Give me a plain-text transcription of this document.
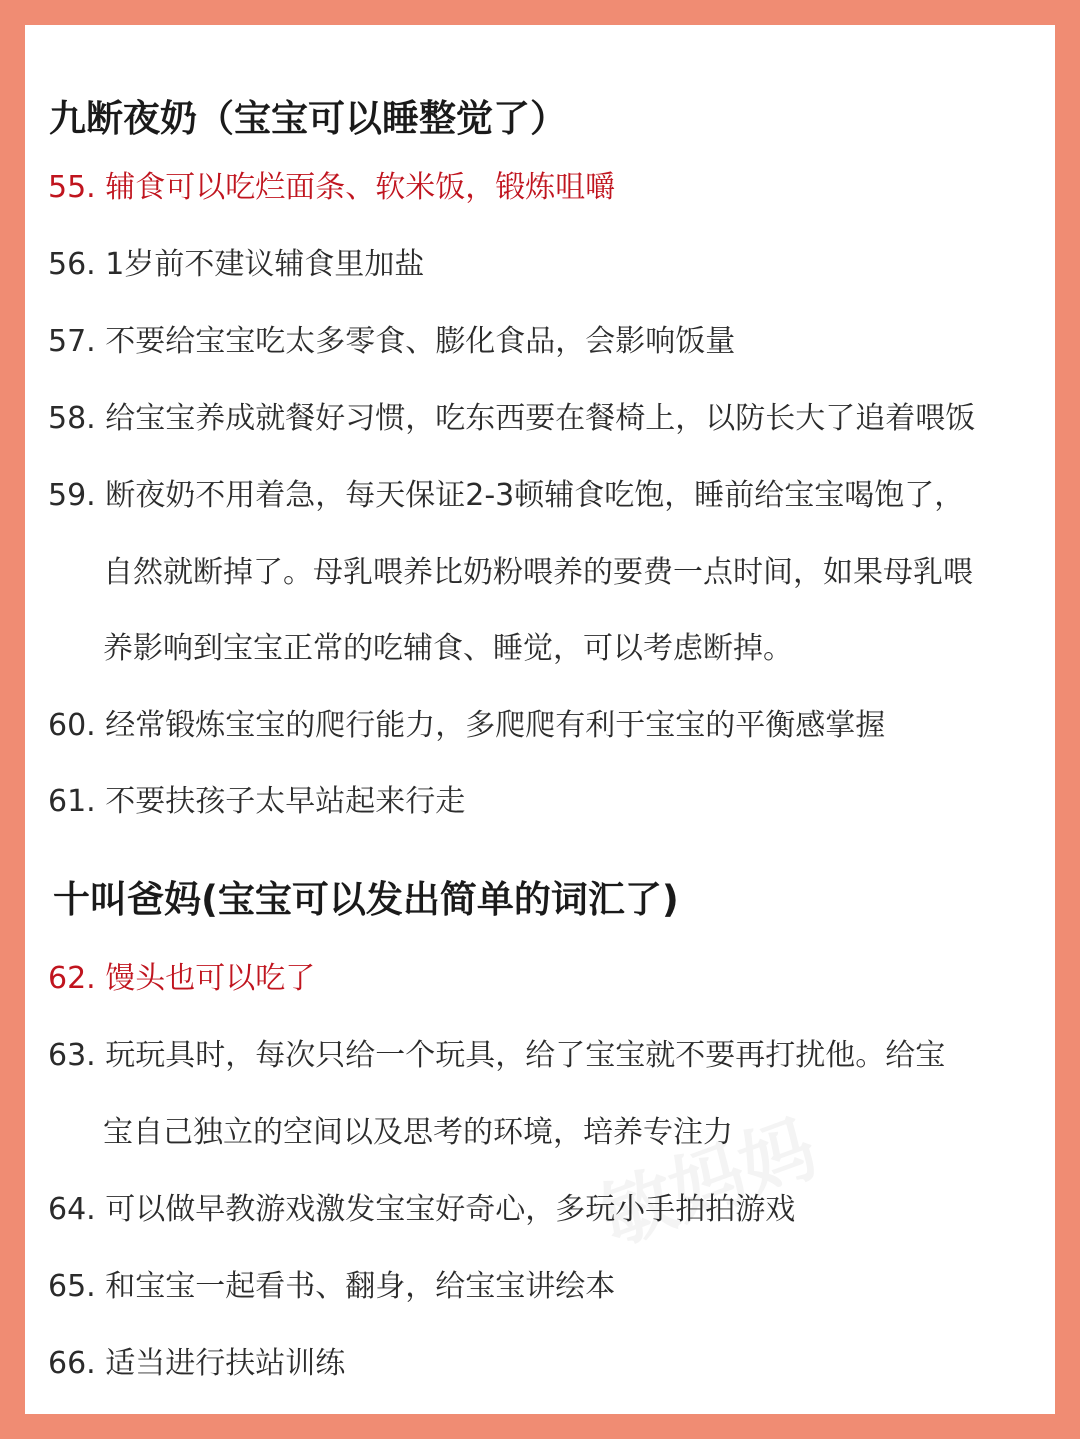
九断夜奶（宝宝可以睡整觉了）
55. 辅食可以吃烂面条、软米饭，锻炼咀嚼
56. 1岁前不建议辅食里加盐
57. 不要给宝宝吃太多零食、膨化食品，会影响饭量
58. 给宝宝养成就餐好习惯，吃东西要在餐椅上，以防长大了追着喂饭
59. 断夜奶不用着急，每天保证2-3顿辅食吃饱，睡前给宝宝喝饱了，
自然就断掉了。母乳喂养比奶粉喂养的要费一点时间，如果母乳喂
养影响到宝宝正常的吃辅食、睡觉，可以考虑断掉。
60. 经常锻炼宝宝的爬行能力，多爬爬有利于宝宝的平衡感掌握
61. 不要扶孩子太早站起来行走
十叫爸妈(宝宝可以发出简单的词汇了)
62. 馒头也可以吃了
63. 玩玩具时，每次只给一个玩具，给了宝宝就不要再打扰他。给宝
宝自己独立的空间以及思考的环境，培养专注力
64. 可以做早教游戏激发宝宝好奇心，多玩小手拍拍游戏
65. 和宝宝一起看书、翻身，给宝宝讲绘本
66. 适当进行扶站训练
